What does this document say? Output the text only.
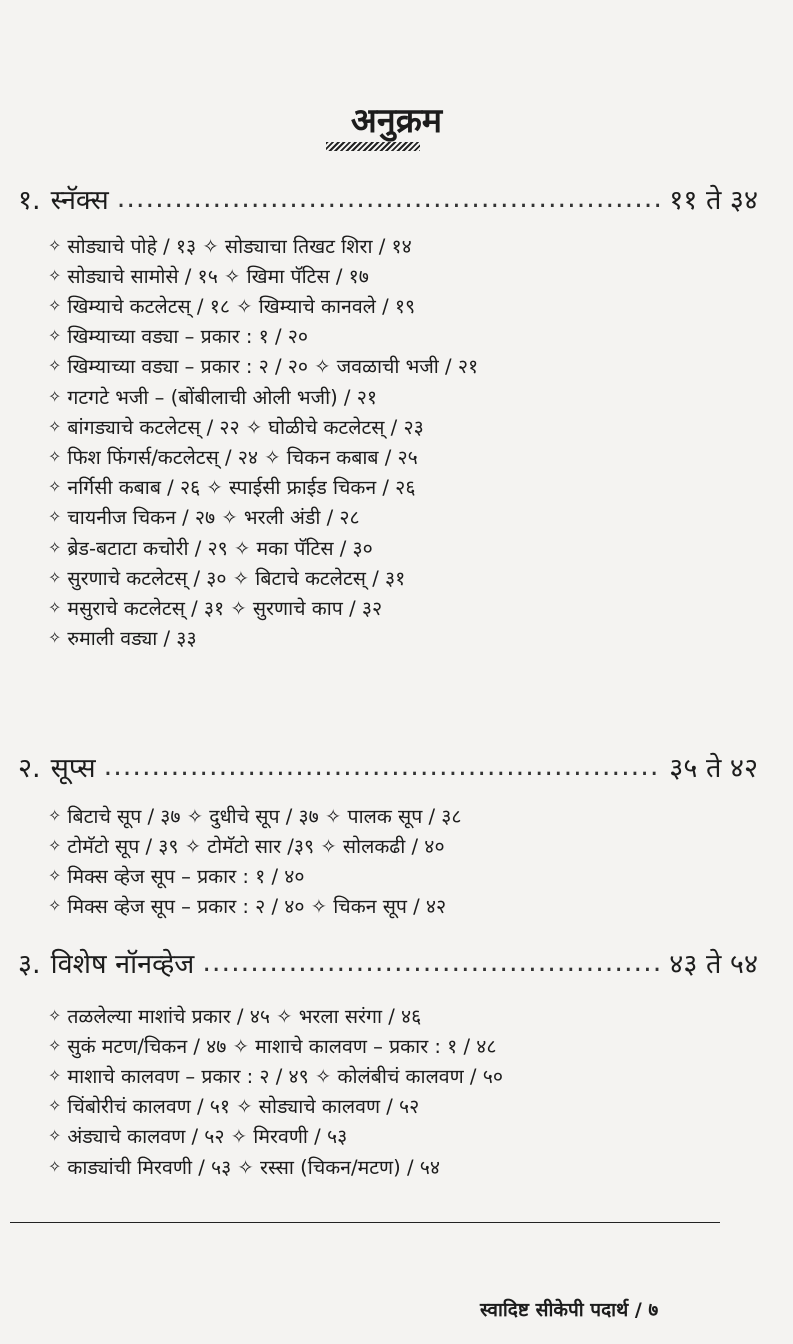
अनुक्रम
१. स्नॅक्स .....	११ ते ३४
✧ सोड्याचे पोहे / १३ ✧ सोड्याचा तिखट शिरा / १४
✧ सोड्याचे सामोसे / १५ ✧ खिमा पॅटिस / १७
✧ खिम्याचे कटलेटस् / १८ ✧ खिम्याचे कानवले / १९
✧ खिम्याच्या वड्या – प्रकार : १ / २०
✧ खिम्याच्या वड्या – प्रकार : २ / २० ✧ जवळाची भजी / २१
✧ गटगटे भजी – (बोंबीलाची ओली भजी) / २१
✧ बांगड्याचे कटलेटस् / २२ ✧ घोळीचे कटलेटस् / २३
✧ फिश फिंगर्स/कटलेटस् / २४ ✧ चिकन कबाब / २५
✧ नर्गिसी कबाब / २६ ✧ स्पाईसी फ्राईड चिकन / २६
✧ चायनीज चिकन / २७ ✧ भरली अंडी / २८
✧ ब्रेड-बटाटा कचोरी / २९ ✧ मका पॅटिस / ३०
✧ सुरणाचे कटलेटस् / ३० ✧ बिटाचे कटलेटस् / ३१
✧ मसुराचे कटलेटस् / ३१ ✧ सुरणाचे काप / ३२
✧ रुमाली वड्या / ३३
२. सूप्स .....	३५ ते ४२
✧ बिटाचे सूप / ३७ ✧ दुधीचे सूप / ३७ ✧ पालक सूप / ३८
✧ टोमॅटो सूप / ३९ ✧ टोमॅटो सार /३९ ✧ सोलकढी / ४०
✧ मिक्स व्हेज सूप – प्रकार : १ / ४०
✧ मिक्स व्हेज सूप – प्रकार : २ / ४० ✧ चिकन सूप / ४२
३. विशेष नॉनव्हेज .....	४३ ते ५४
✧ तळलेल्या माशांचे प्रकार / ४५ ✧ भरला सरंगा / ४६
✧ सुकं मटण/चिकन / ४७ ✧ माशाचे कालवण – प्रकार : १ / ४८
✧ माशाचे कालवण – प्रकार : २ / ४९ ✧ कोलंबीचं कालवण / ५०
✧ चिंबोरीचं कालवण / ५१ ✧ सोड्याचे कालवण / ५२
✧ अंड्याचे कालवण / ५२ ✧ मिरवणी / ५३
✧ काड्यांची मिरवणी / ५३ ✧ रस्सा (चिकन/मटण) / ५४
स्वादिष्ट सीकेपी पदार्थ / ७
